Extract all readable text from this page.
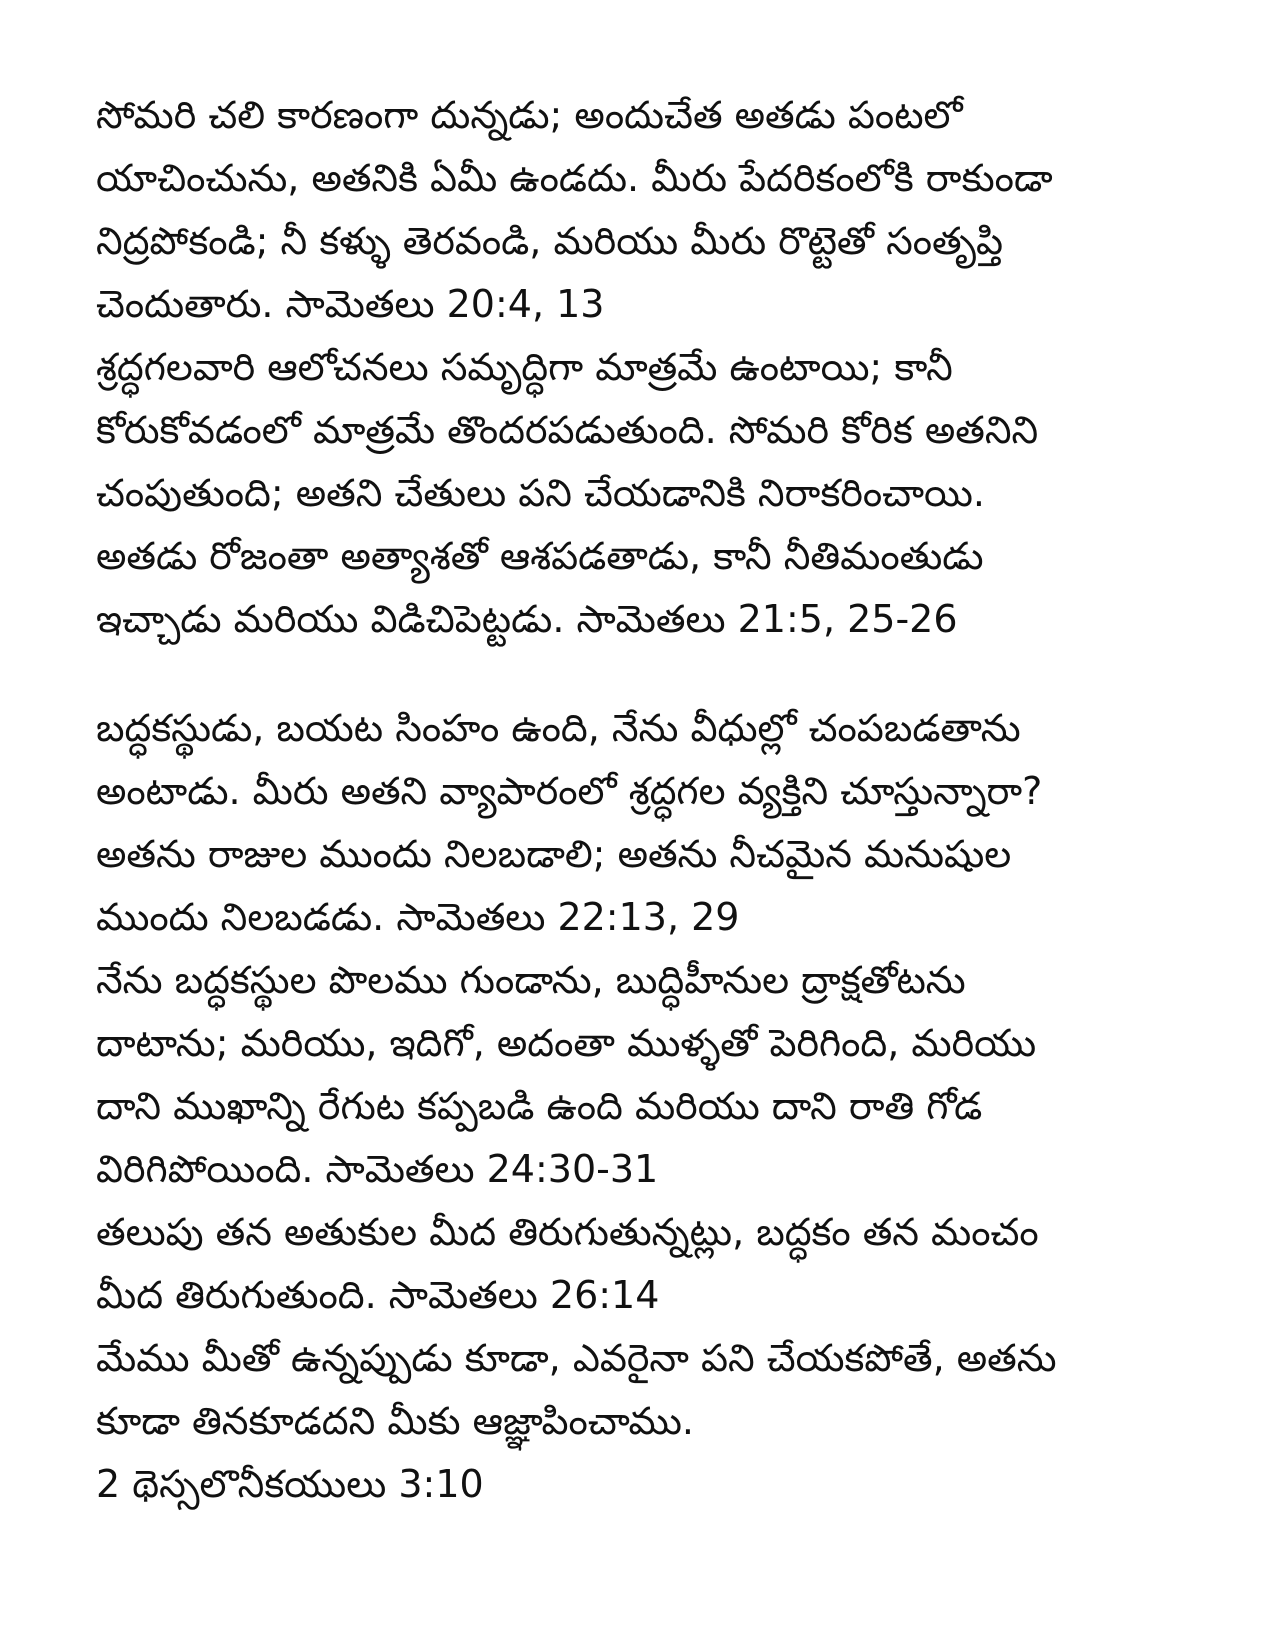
సోమరి చలి కారణంగా దున్నడు; అందుచేత అతడు పంటలో
యాచించును, అతనికి ఏమీ ఉండదు. మీరు పేదరికంలోకి రాకుండా
నిద్రపోకండి; నీ కళ్ళు తెరవండి, మరియు మీరు రొట్టెతో సంతృప్తి
చెందుతారు. సామెతలు 20:4, 13
శ్రద్ధగలవారి ఆలోచనలు సమృద్ధిగా మాత్రమే ఉంటాయి; కానీ
కోరుకోవడంలో మాత్రమే తొందరపడుతుంది. సోమరి కోరిక అతనిని
చంపుతుంది; అతని చేతులు పని చేయడానికి నిరాకరించాయి.
అతడు రోజంతా అత్యాశతో ఆశపడతాడు, కానీ నీతిమంతుడు
ఇచ్చాడు మరియు విడిచిపెట్టడు. సామెతలు 21:5, 25-26
బద్ధకస్థుడు, బయట సింహం ఉంది, నేను వీధుల్లో చంపబడతాను
అంటాడు. మీరు అతని వ్యాపారంలో శ్రద్ధగల వ్యక్తిని చూస్తున్నారా?
అతను రాజుల ముందు నిలబడాలి; అతను నీచమైన మనుషుల
ముందు నిలబడడు. సామెతలు 22:13, 29
నేను బద్ధకస్థుల పొలము గుండాను, బుద్ధిహీనుల ద్రాక్షతోటను
దాటాను; మరియు, ఇదిగో, అదంతా ముళ్ళతో పెరిగింది, మరియు
దాని ముఖాన్ని రేగుట కప్పబడి ఉంది మరియు దాని రాతి గోడ
విరిగిపోయింది. సామెతలు 24:30-31
తలుపు తన అతుకుల మీద తిరుగుతున్నట్లు, బద్ధకం తన మంచం
మీద తిరుగుతుంది. సామెతలు 26:14
మేము మీతో ఉన్నప్పుడు కూడా, ఎవరైనా పని చేయకపోతే, అతను
కూడా తినకూడదని మీకు ఆజ్ఞాపించాము.
2 థెస్సలొనీకయులు 3:10
